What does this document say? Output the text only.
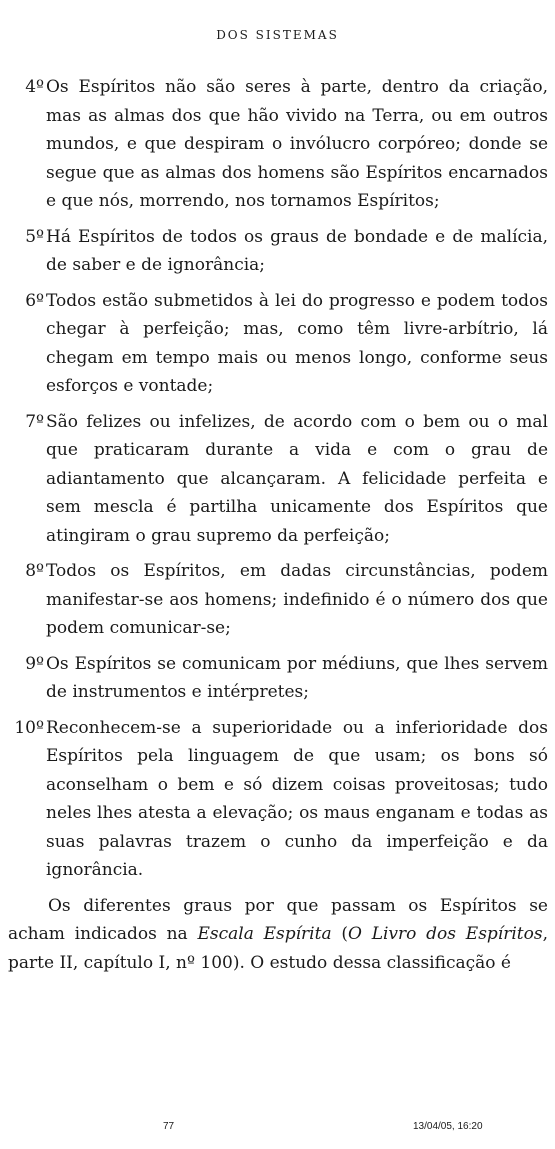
DOS SISTEMAS
4º Os Espíritos não são seres à parte, dentro da criação, mas as almas dos que hão vivido na Terra, ou em outros mundos, e que despiram o invólucro corpóreo; donde se segue que as almas dos homens são Espíritos encarnados e que nós, morrendo, nos tornamos Espíritos;
5º Há Espíritos de todos os graus de bondade e de malícia, de saber e de ignorância;
6º Todos estão submetidos à lei do progresso e podem todos chegar à perfeição; mas, como têm livre-arbítrio, lá chegam em tempo mais ou menos longo, conforme seus esforços e vontade;
7º São felizes ou infelizes, de acordo com o bem ou o mal que praticaram durante a vida e com o grau de adiantamento que alcançaram. A felicidade perfeita e sem mescla é partilha unicamente dos Espíritos que atingiram o grau supremo da perfeição;
8º Todos os Espíritos, em dadas circunstâncias, podem manifestar-se aos homens; indefinido é o número dos que podem comunicar-se;
9º Os Espíritos se comunicam por médiuns, que lhes servem de instrumentos e intérpretes;
10º Reconhecem-se a superioridade ou a inferioridade dos Espíritos pela linguagem de que usam; os bons só aconselham o bem e só dizem coisas proveitosas; tudo neles lhes atesta a elevação; os maus enganam e todas as suas palavras trazem o cunho da imperfeição e da ignorância.

Os diferentes graus por que passam os Espíritos se acham indicados na Escala Espírita (O Livro dos Espíritos, parte II, capítulo I, nº 100). O estudo dessa classificação é

77	13/04/05, 16:20
